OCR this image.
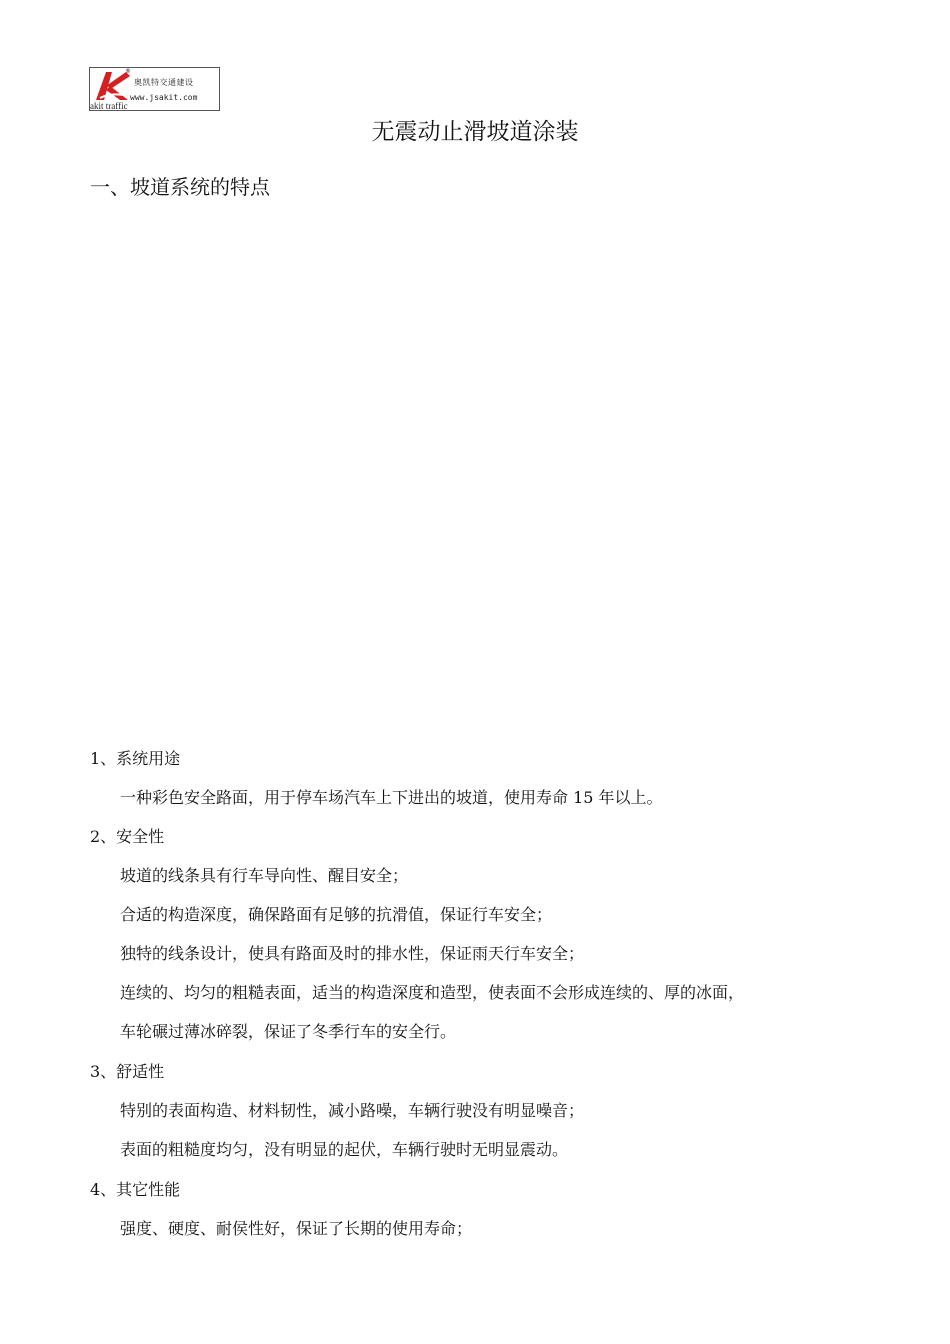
®
奥凯特交通建设
www.jsakit.com
akit traffic
无震动止滑坡道涂装
一、坡道系统的特点
1、系统用途
一种彩色安全路面，用于停车场汽车上下进出的坡道，使用寿命 15 年以上。
2、安全性
坡道的线条具有行车导向性、醒目安全；
合适的构造深度，确保路面有足够的抗滑值，保证行车安全；
独特的线条设计，使具有路面及时的排水性，保证雨天行车安全；
连续的、均匀的粗糙表面，适当的构造深度和造型，使表面不会形成连续的、厚的冰面，
车轮碾过薄冰碎裂，保证了冬季行车的安全行。
3、舒适性
特别的表面构造、材料韧性，减小路噪，车辆行驶没有明显噪音；
表面的粗糙度均匀，没有明显的起伏，车辆行驶时无明显震动。
4、其它性能
强度、硬度、耐侯性好，保证了长期的使用寿命；
